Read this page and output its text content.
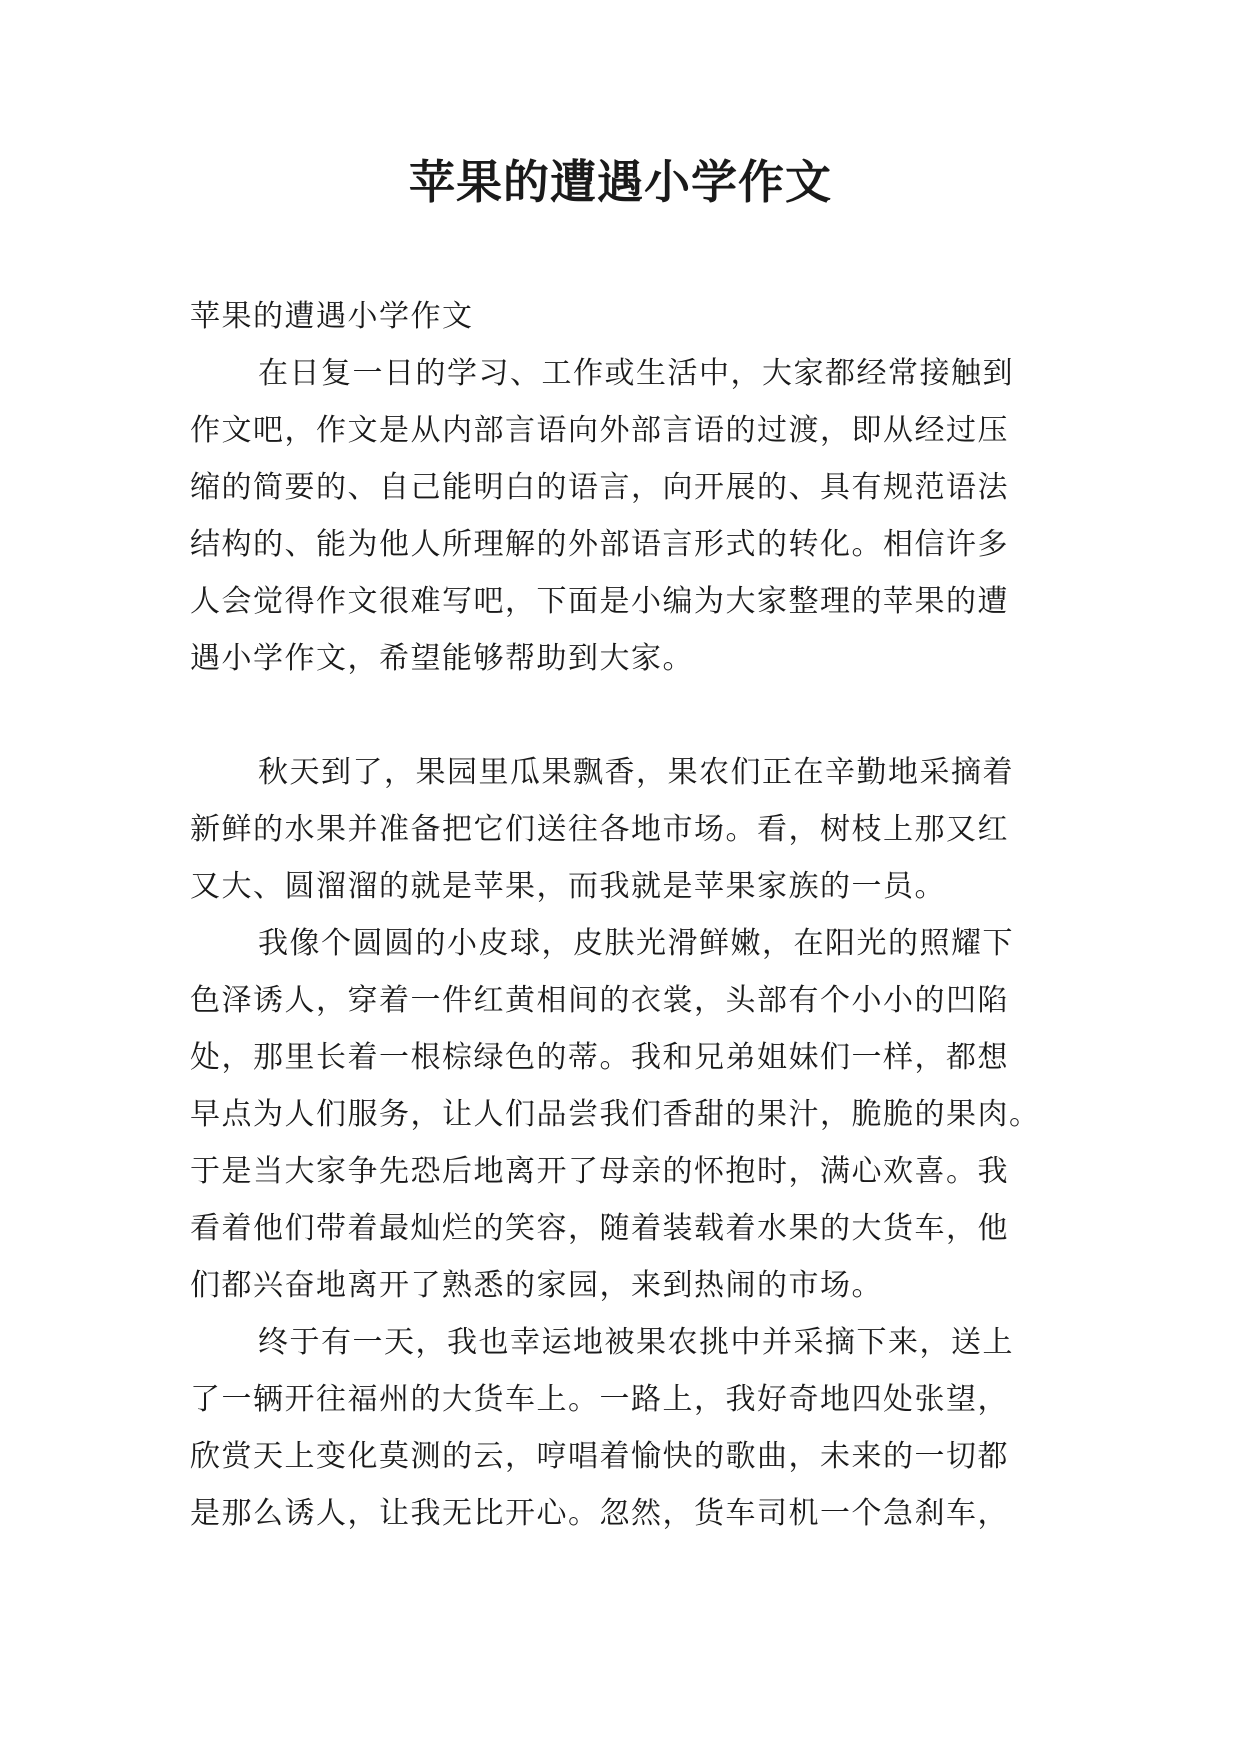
苹果的遭遇小学作文
苹果的遭遇小学作文
在日复一日的学习、工作或生活中，大家都经常接触到
作文吧，作文是从内部言语向外部言语的过渡，即从经过压
缩的简要的、自己能明白的语言，向开展的、具有规范语法
结构的、能为他人所理解的外部语言形式的转化。相信许多
人会觉得作文很难写吧，下面是小编为大家整理的苹果的遭
遇小学作文，希望能够帮助到大家。
秋天到了，果园里瓜果飘香，果农们正在辛勤地采摘着
新鲜的水果并准备把它们送往各地市场。看，树枝上那又红
又大、圆溜溜的就是苹果，而我就是苹果家族的一员。
我像个圆圆的小皮球，皮肤光滑鲜嫩，在阳光的照耀下
色泽诱人，穿着一件红黄相间的衣裳，头部有个小小的凹陷
处，那里长着一根棕绿色的蒂。我和兄弟姐妹们一样，都想
早点为人们服务，让人们品尝我们香甜的果汁，脆脆的果肉。
于是当大家争先恐后地离开了母亲的怀抱时，满心欢喜。我
看着他们带着最灿烂的笑容，随着装载着水果的大货车，他
们都兴奋地离开了熟悉的家园，来到热闹的市场。
终于有一天，我也幸运地被果农挑中并采摘下来，送上
了一辆开往福州的大货车上。一路上，我好奇地四处张望，
欣赏天上变化莫测的云，哼唱着愉快的歌曲，未来的一切都
是那么诱人，让我无比开心。忽然，货车司机一个急刹车，
